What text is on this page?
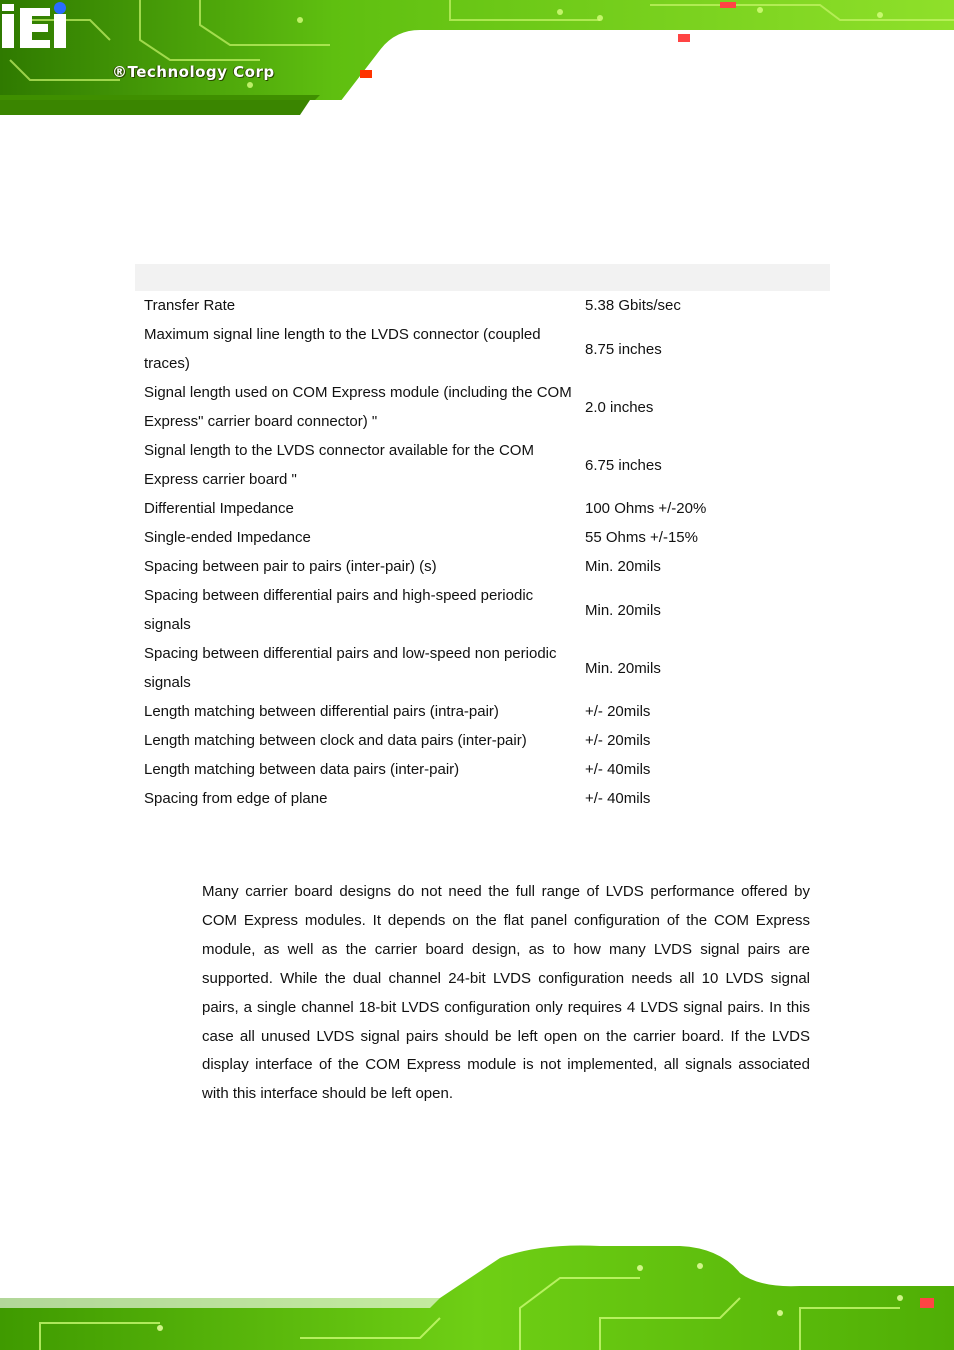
®Technology Corp

Transfer Rate	5.38 Gbits/sec
Maximum signal line length to the LVDS connector (coupled traces)	8.75 inches
Signal length used on COM Express module (including the COM Express" carrier board connector) "	2.0 inches
Signal length to the LVDS connector available for the COM Express carrier board "	6.75 inches
Differential Impedance	100 Ohms +/-20%
Single-ended Impedance	55 Ohms +/-15%
Spacing between pair to pairs (inter-pair) (s)	Min. 20mils
Spacing between differential pairs and high-speed periodic signals	Min. 20mils
Spacing between differential pairs and low-speed non periodic signals	Min. 20mils
Length matching between differential pairs (intra-pair)	+/- 20mils
Length matching between clock and data pairs (inter-pair)	+/- 20mils
Length matching between data pairs (inter-pair)	+/- 40mils
Spacing from edge of plane	+/- 40mils

Many carrier board designs do not need the full range of LVDS performance offered by COM Express modules. It depends on the flat panel configuration of the COM Express module, as well as the carrier board design, as to how many LVDS signal pairs are supported. While the dual channel 24-bit LVDS configuration needs all 10 LVDS signal pairs, a single channel 18-bit LVDS configuration only requires 4 LVDS signal pairs. In this case all unused LVDS signal pairs should be left open on the carrier board. If the LVDS display interface of the COM Express module is not implemented, all signals associated with this interface should be left open.
